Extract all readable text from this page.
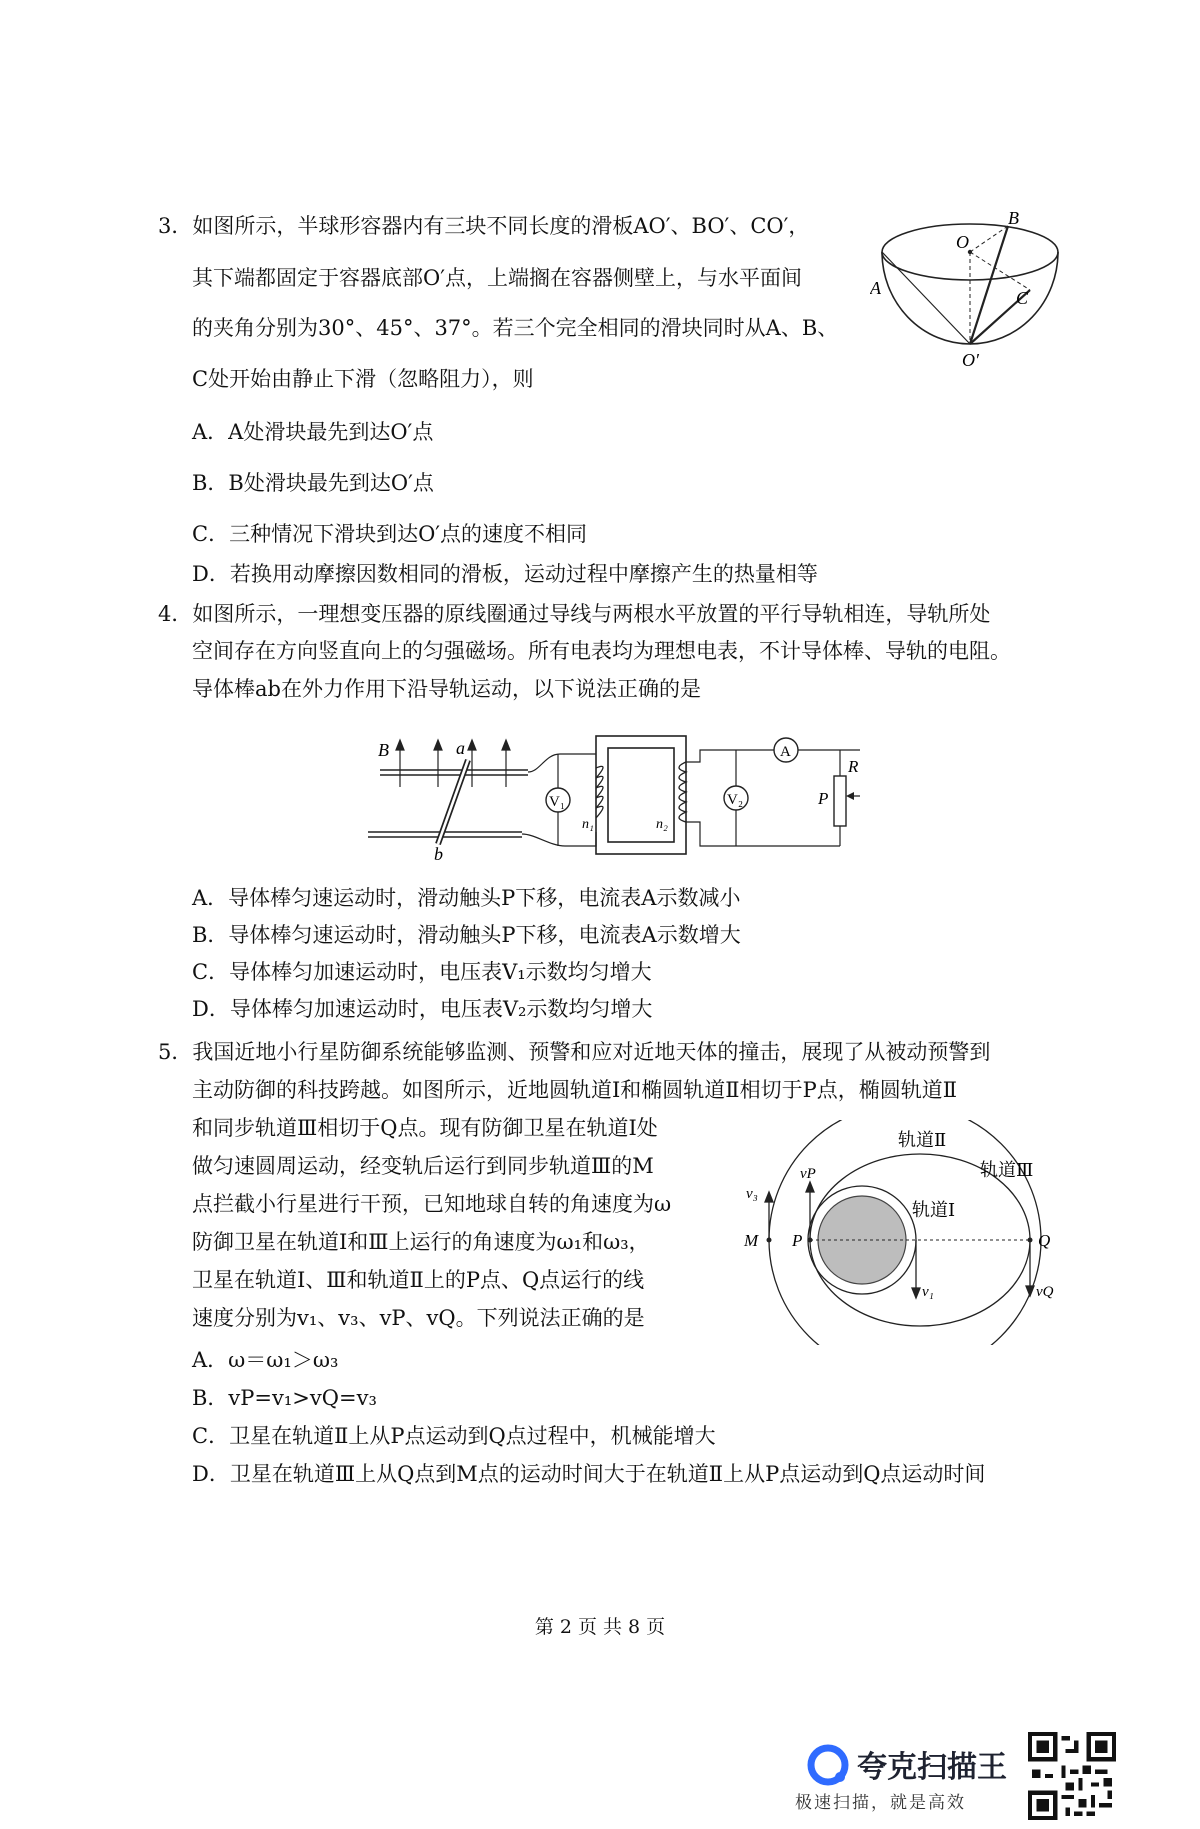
3．如图所示，半球形容器内有三块不同长度的滑板AO′、BO′、CO′，
其下端都固定于容器底部O′点，上端搁在容器侧壁上，与水平面间
的夹角分别为30°、45°、37°。若三个完全相同的滑块同时从A、B、
C处开始由静止下滑（忽略阻力），则
A．A处滑块最先到达O′点
B．B处滑块最先到达O′点
C．三种情况下滑块到达O′点的速度不相同
D．若换用动摩擦因数相同的滑板，运动过程中摩擦产生的热量相等
O
B
A	C
O′
4．如图所示，一理想变压器的原线圈通过导线与两根水平放置的平行导轨相连，导轨所处
空间存在方向竖直向上的匀强磁场。所有电表均为理想电表，不计导体棒、导轨的电阻。
导体棒ab在外力作用下沿导轨运动，以下说法正确的是
B	a
b
V₁
n₁	n₂
V₂
A
P
R
A．导体棒匀速运动时，滑动触头P下移，电流表A示数减小
B．导体棒匀速运动时，滑动触头P下移，电流表A示数增大
C．导体棒匀加速运动时，电压表V₁示数均匀增大
D．导体棒匀加速运动时，电压表V₂示数均匀增大
5．我国近地小行星防御系统能够监测、预警和应对近地天体的撞击，展现了从被动预警到
主动防御的科技跨越。如图所示，近地圆轨道Ⅰ和椭圆轨道Ⅱ相切于P点，椭圆轨道Ⅱ
和同步轨道Ⅲ相切于Q点。现有防御卫星在轨道Ⅰ处
做匀速圆周运动，经变轨后运行到同步轨道Ⅲ的M
点拦截小行星进行干预，已知地球自转的角速度为ω
防御卫星在轨道Ⅰ和Ⅲ上运行的角速度为ω₁和ω₃，
卫星在轨道Ⅰ、Ⅲ和轨道Ⅱ上的P点、Q点运行的线
速度分别为v₁、v₃、vP、vQ。下列说法正确的是
轨道Ⅱ
轨道Ⅲ
轨道Ⅰ
v₃
vP
M P	Q
v₁	vQ
A．ω＝ω₁＞ω₃
B．vP=v₁>vQ=v₃
C．卫星在轨道Ⅱ上从P点运动到Q点过程中，机械能增大
D．卫星在轨道Ⅲ上从Q点到M点的运动时间大于在轨道Ⅱ上从P点运动到Q点运动时间
第 2 页 共 8 页
夸克扫描王
极速扫描，就是高效
